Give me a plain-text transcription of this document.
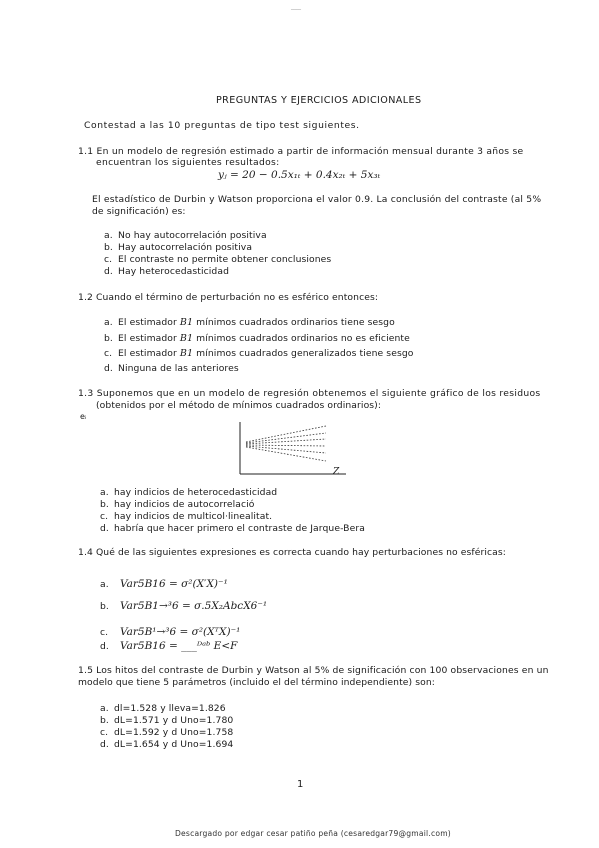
____
PREGUNTAS Y EJERCICIOS ADICIONALES
Contestad a las 10 preguntas de tipo test siguientes.
1.1 En un modelo de regresión estimado a partir de información mensual durante 3 años se
encuentran los siguientes resultados:
yⱼ = 20 − 0.5x₁ₜ + 0.4x₂ₜ + 5x₃ₜ
El estadístico de Durbin y Watson proporciona el valor 0.9. La conclusión del contraste (al 5%
de significación) es:
a. No hay autocorrelación positiva
b. Hay autocorrelación positiva
c. El contraste no permite obtener conclusiones
d. Hay heterocedasticidad
1.2 Cuando el término de perturbación no es esférico entonces:
a. El estimador B1 mínimos cuadrados ordinarios tiene sesgo
b. El estimador B1 mínimos cuadrados ordinarios no es eficiente
c. El estimador B1 mínimos cuadrados generalizados tiene sesgo
d. Ninguna de las anteriores
1.3 Suponemos que en un modelo de regresión obtenemos el siguiente gráfico de los residuos
(obtenidos por el método de mínimos cuadrados ordinarios):
eᵢ
Z
a. hay indicios de heterocedasticidad
b. hay indicios de autocorrelació
c. hay indicios de multicol·linealitat.
d. habría que hacer primero el contraste de Jarque-Bera
1.4 Qué de las siguientes expresiones es correcta cuando hay perturbaciones no esféricas:
a. Var5B16 = σ²(X′X)⁻¹
b. Var5B1→³6 = σ.5X₂AbcX6⁻¹
c. Var5B¹→³6 = σ²(XᵀX)⁻¹
d. Var5B16 = ___ᴰᵃᵇ E<F
1.5 Los hitos del contraste de Durbin y Watson al 5% de significación con 100 observaciones en un
modelo que tiene 5 parámetros (incluido el del término independiente) son:
a. dl=1.528 y lleva=1.826
b. dL=1.571 y d Uno=1.780
c. dL=1.592 y d Uno=1.758
d. dL=1.654 y d Uno=1.694
1
Descargado por edgar cesar patiño peña (cesaredgar79@gmail.com)
